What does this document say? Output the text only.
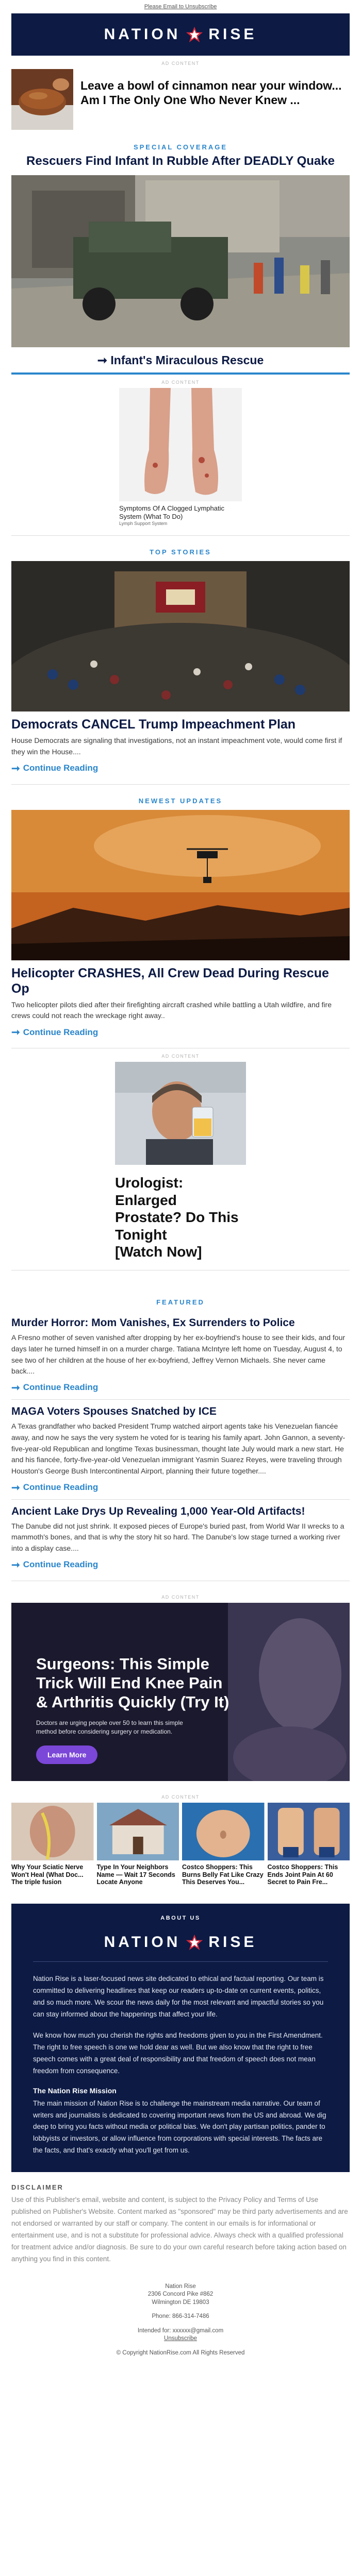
Please Email to Unsubscribe
NATION RISE
AD CONTENT
Leave a bowl of cinnamon near your window...
Am I The Only One Who Never Knew ...
SPECIAL COVERAGE
Rescuers Find Infant In Rubble After DEADLY Quake
➞ Infant's Miraculous Rescue
AD CONTENT
Symptoms Of A Clogged Lymphatic System (What To Do)
Lymph Support System
TOP STORIES
Democrats CANCEL Trump Impeachment Plan
House Democrats are signaling that investigations, not an instant impeachment vote, would come first if they win the House....
➞ Continue Reading
NEWEST UPDATES
Helicopter CRASHES, All Crew Dead During Rescue Op
Two helicopter pilots died after their firefighting aircraft crashed while battling a Utah wildfire, and fire crews could not reach the wreckage right away..
➞ Continue Reading
AD CONTENT
Urologist: Enlarged Prostate? Do This Tonight
[Watch Now]
FEATURED
Murder Horror: Mom Vanishes, Ex Surrenders to Police
A Fresno mother of seven vanished after dropping by her ex-boyfriend's house to see their kids, and four days later he turned himself in on a murder charge. Tatiana McIntyre left home on Tuesday, August 4, to see two of her children at the house of her ex-boyfriend, Jeffrey Vernon Michaels. She never came back....
➞ Continue Reading
MAGA Voters Spouses Snatched by ICE
A Texas grandfather who backed President Trump watched airport agents take his Venezuelan fiancée away, and now he says the very system he voted for is tearing his family apart. John Gannon, a seventy-five-year-old Republican and longtime Texas businessman, thought late July would mark a new start. He and his fiancée, forty-five-year-old Venezuelan immigrant Yasmin Suarez Reyes, were traveling through Houston's George Bush Intercontinental Airport, planning their future together....
➞ Continue Reading
Ancient Lake Drys Up Revealing 1,000 Year-Old Artifacts!
The Danube did not just shrink. It exposed pieces of Europe's buried past, from World War II wrecks to a mammoth's bones, and that is why the story hit so hard. The Danube's low stage turned a working river into a display case....
➞ Continue Reading
AD CONTENT
Surgeons: This Simple Trick Will End Knee Pain & Arthritis Quickly (Try It)
Doctors are urging people over 50 to learn this simple method before considering surgery or medication.
Learn More
AD CONTENT
Why Your Sciatic Nerve Won't Heal (What Doc... The triple fusion
Type In Your Neighbors Name — Wait 17 Seconds Locate Anyone
Costco Shoppers: This Burns Belly Fat Like Crazy This Deserves You...
Costco Shoppers: This Ends Joint Pain At 60 Secret to Pain Fre...
ABOUT US
NATION RISE

Nation Rise is a laser-focused news site dedicated to ethical and factual reporting. Our team is committed to delivering headlines that keep our readers up-to-date on current events, politics, and so much more. We scour the news daily for the most relevant and impactful stories so you can stay informed about the happenings that affect your life.

We know how much you cherish the rights and freedoms given to you in the First Amendment. The right to free speech is one we hold dear as well. But we also know that the right to free speech comes with a great deal of responsibility and that freedom of speech does not mean freedom from consequence.

The Nation Rise Mission

The main mission of Nation Rise is to challenge the mainstream media narrative. Our team of writers and journalists is dedicated to covering important news from the US and abroad. We dig deep to bring you facts without media or political bias. We don't play partisan politics, pander to lobbyists or investors, or allow influence from corporations with special interests. The facts are the facts, and that's exactly what you'll get from us.

DISCLAIMER
Use of this Publisher's email, website and content, is subject to the Privacy Policy and Terms of Use published on Publisher's Website. Content marked as "sponsored" may be third party advertisements and are not endorsed or warranted by our staff or company. The content in our emails is for informational or entertainment use, and is not a substitute for professional advice. Always check with a qualified professional for treatment advice and/or diagnosis. Be sure to do your own careful research before taking action based on anything you find in this content.
Nation Rise
2306 Concord Pike #862
Wilmington DE 19803
Phone: 866-314-7486
Intended for: xxxxxx@gmail.com
Unsubscribe
© Copyright NationRise.com All Rights Reserved
